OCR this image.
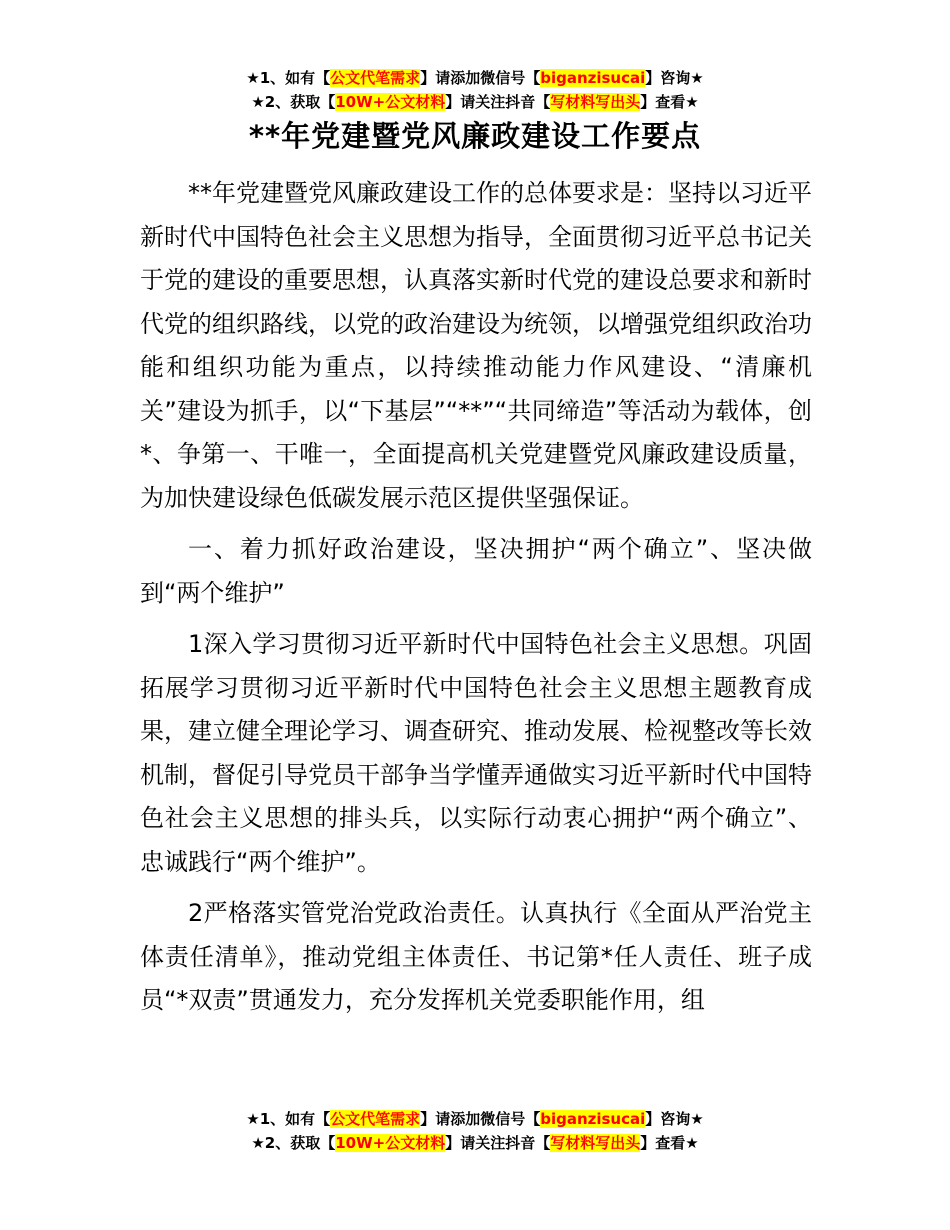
★1、如有【公文代笔需求】请添加微信号【biganzisucai】咨询★
★2、获取【10W+公文材料】请关注抖音【写材料写出头】查看★
**年党建暨党风廉政建设工作要点

**年党建暨党风廉政建设工作的总体要求是：坚持以习近平新时代中国特色社会主义思想为指导，全面贯彻习近平总书记关于党的建设的重要思想，认真落实新时代党的建设总要求和新时代党的组织路线，以党的政治建设为统领，以增强党组织政治功能和组织功能为重点，以持续推动能力作风建设、“清廉机关”建设为抓手，以“下基层”“**”“共同缔造”等活动为载体，创*、争第一、干唯一，全面提高机关党建暨党风廉政建设质量，为加快建设绿色低碳发展示范区提供坚强保证。

一、着力抓好政治建设，坚决拥护“两个确立”、坚决做到“两个维护”

1深入学习贯彻习近平新时代中国特色社会主义思想。巩固拓展学习贯彻习近平新时代中国特色社会主义思想主题教育成果，建立健全理论学习、调查研究、推动发展、检视整改等长效机制，督促引导党员干部争当学懂弄通做实习近平新时代中国特色社会主义思想的排头兵，以实际行动衷心拥护“两个确立”、忠诚践行“两个维护”。

2严格落实管党治党政治责任。认真执行《全面从严治党主体责任清单》，推动党组主体责任、书记第*任人责任、班子成员“*双责”贯通发力，充分发挥机关党委职能作用，组

★1、如有【公文代笔需求】请添加微信号【biganzisucai】咨询★
★2、获取【10W+公文材料】请关注抖音【写材料写出头】查看★
